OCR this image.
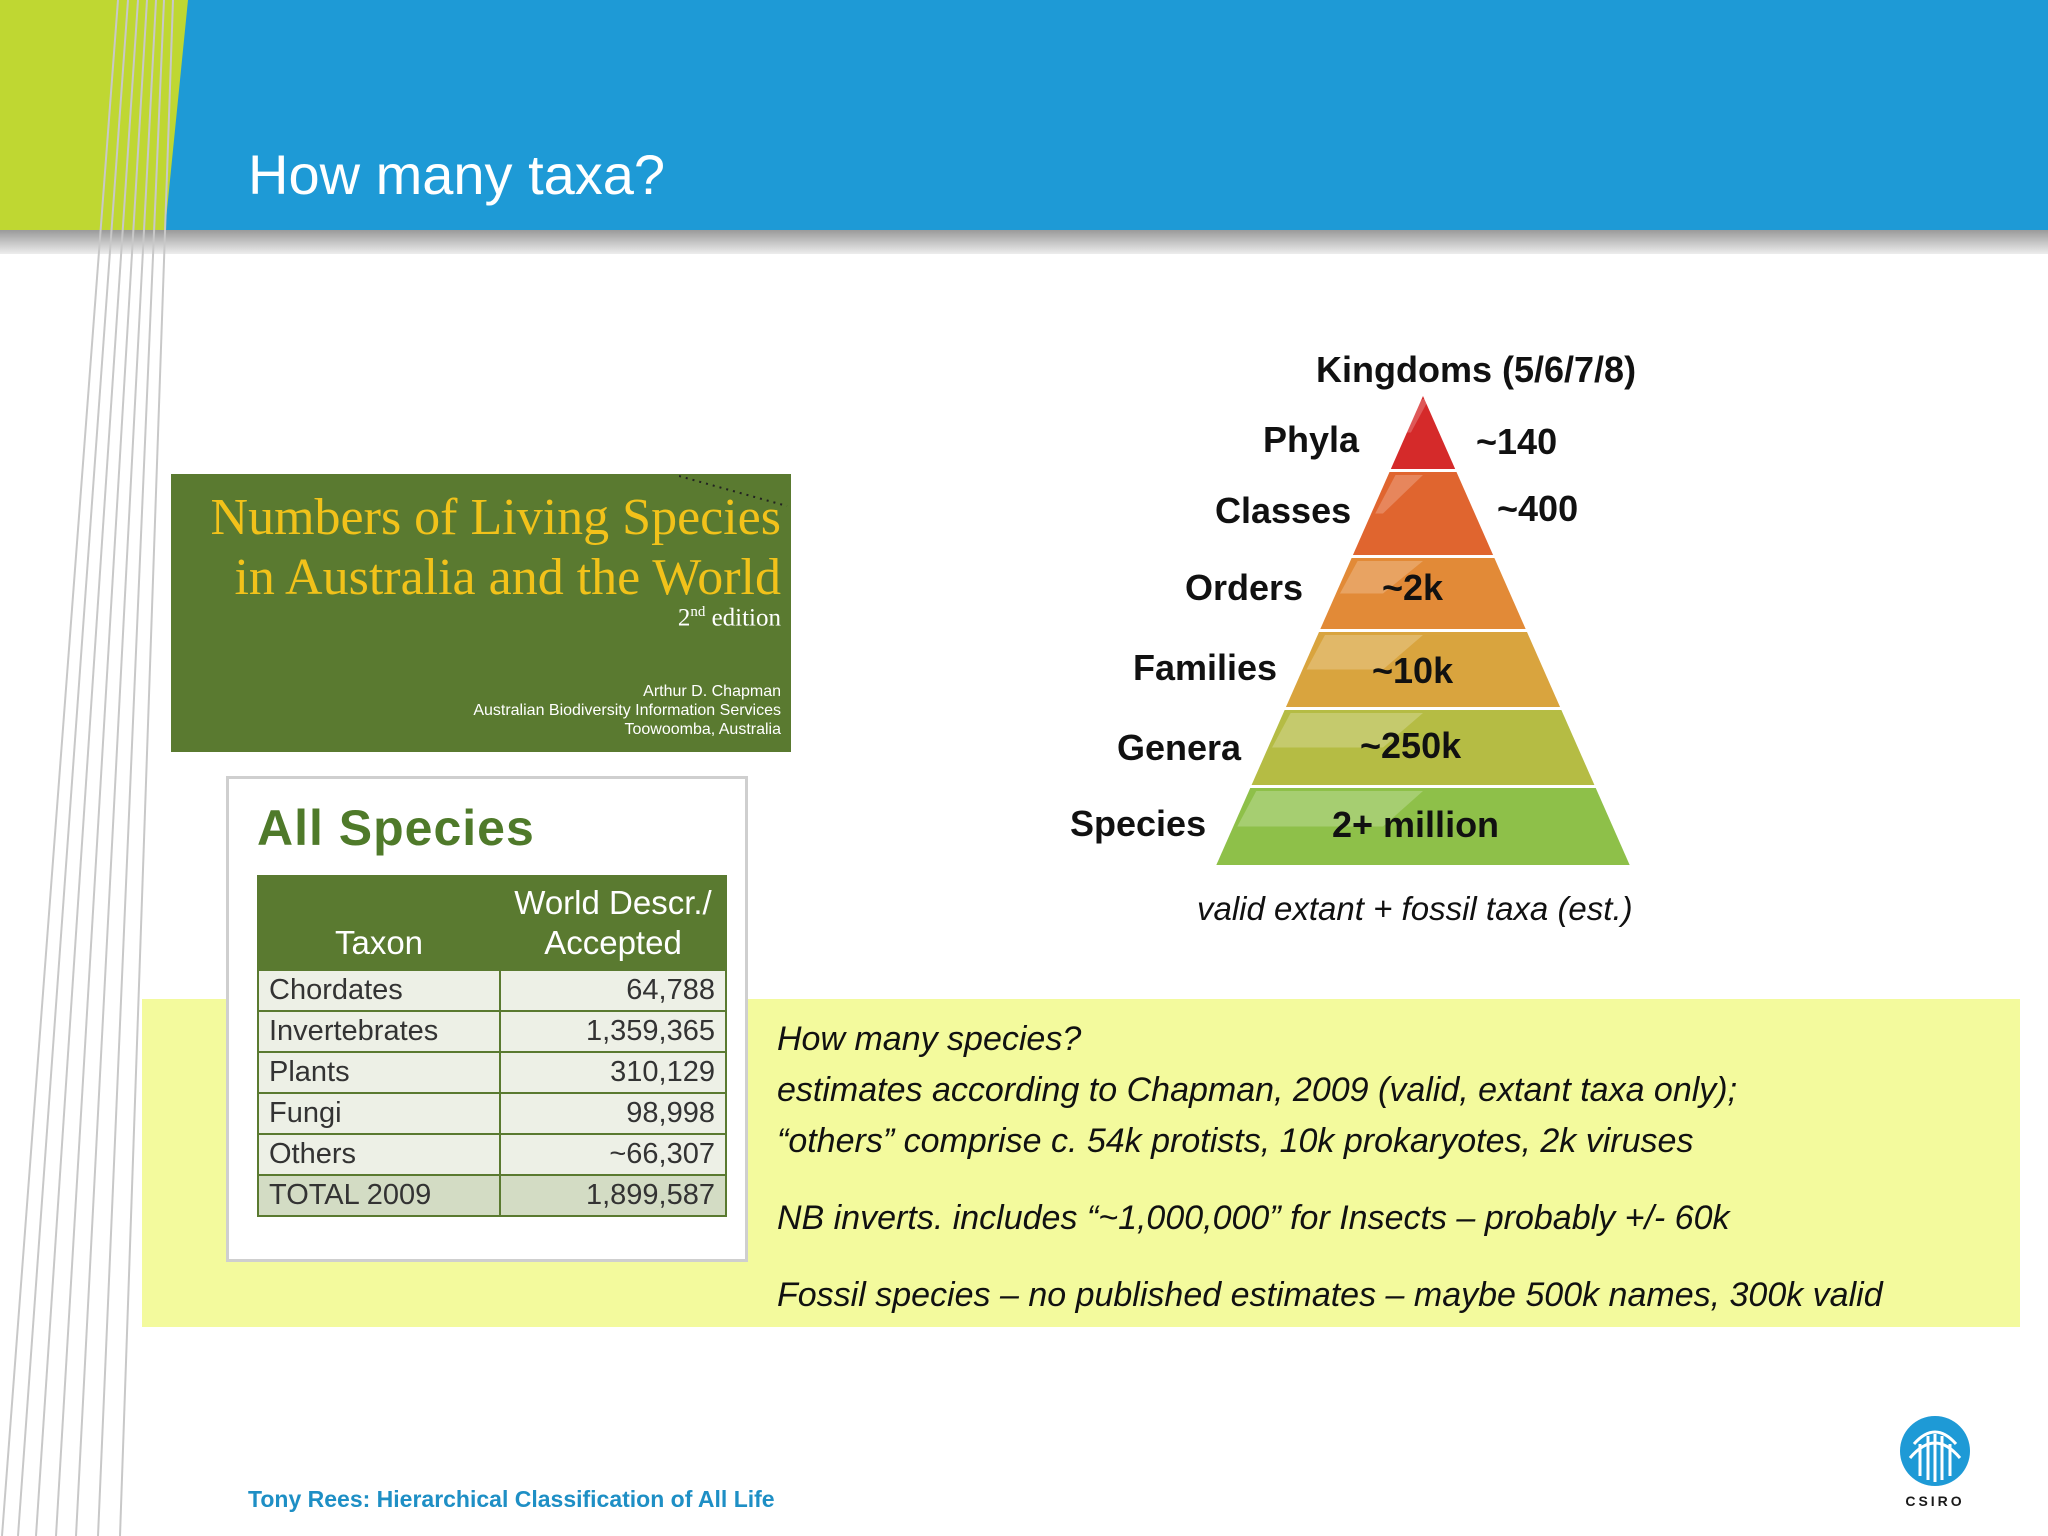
How many taxa?
Numbers of Living Species
in Australia and the World
2nd edition
Arthur D. Chapman
Australian Biodiversity Information Services
Toowoomba, Australia
How many species?
estimates according to Chapman, 2009 (valid, extant taxa only);
“others” comprise c. 54k protists, 10k prokaryotes, 2k viruses
NB inverts. includes “~1,000,000” for Insects – probably +/- 60k
Fossil species – no published estimates – maybe 500k names, 300k valid
All Species
Taxon	World Descr./
Accepted

Chordates	64,788
Invertebrates	1,359,365
Plants	310,129
Fungi	98,998
Others	~66,307
TOTAL 2009	1,899,587
Kingdoms (5/6/7/8)
Phyla	~140
Classes	~400
Orders ~2k
Families	~10k
Genera	~250k
Species	2+ million
valid extant + fossil taxa (est.)
Tony Rees: Hierarchical Classification of All Life	CSIRO
